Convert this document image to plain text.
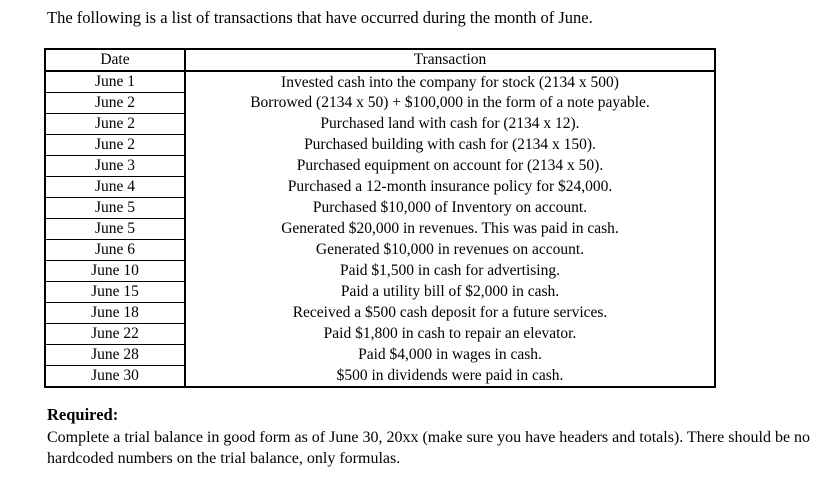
The following is a list of transactions that have occurred during the month of June.
Date	Transaction
June 1	Invested cash into the company for stock (2134 x 500)
June 2	Borrowed (2134 x 50) + $100,000 in the form of a note payable.
June 2	Purchased land with cash for (2134 x 12).
June 2	Purchased building with cash for (2134 x 150).
June 3	Purchased equipment on account for (2134 x 50).
June 4	Purchased a 12-month insurance policy for $24,000.
June 5	Purchased $10,000 of Inventory on account.
June 5	Generated $20,000 in revenues. This was paid in cash.
June 6	Generated $10,000 in revenues on account.
June 10	Paid $1,500 in cash for advertising.
June 15	Paid a utility bill of $2,000 in cash.
June 18	Received a $500 cash deposit for a future services.
June 22	Paid $1,800 in cash to repair an elevator.
June 28	Paid $4,000 in wages in cash.
June 30	$500 in dividends were paid in cash.
Required:
Complete a trial balance in good form as of June 30, 20xx (make sure you have headers and totals). There should be no hardcoded numbers on the trial balance, only formulas.
